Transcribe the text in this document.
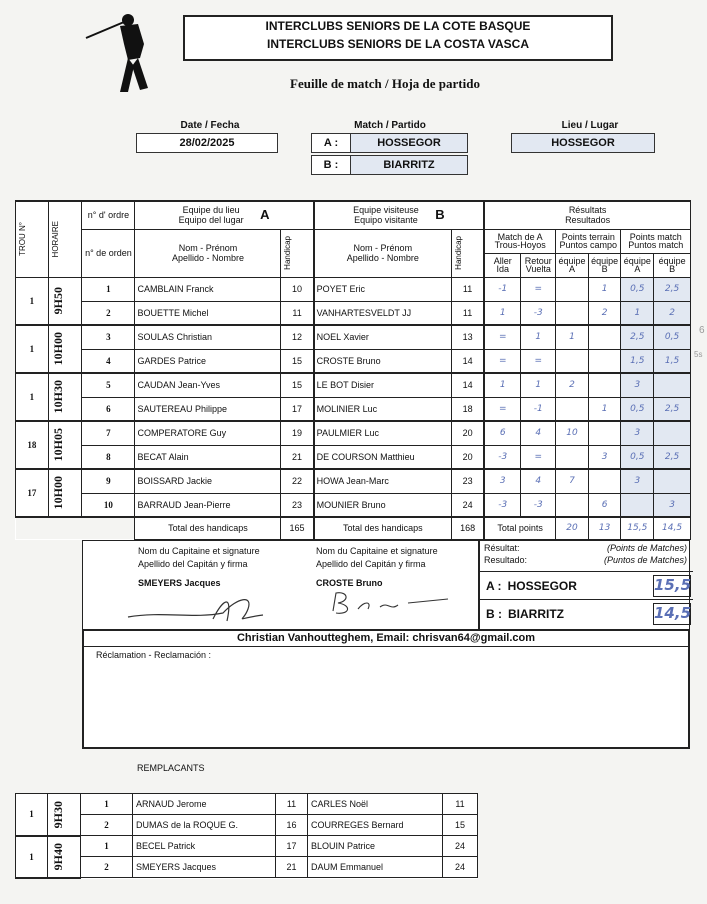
INTERCLUBS SENIORS DE LA COTE BASQUE
INTERCLUBS SENIORS DE LA COSTA VASCA
Feuille de match / Hoja de partido
Date / Fecha
28/02/2025
Match / Partido
A :	HOSSEGOR
B :	BIARRITZ
Lieu / Lugar
HOSSEGOR
TROU N°	HORAIRE	n° d' ordre	Equipe du lieu
Equipo del lugar A		Equipe visiteuse
Equipo visitante B		Résultats
Resultados					
		n° de orden	Nom - Prénom
Apellido - Nombre	Handicap	Nom - Prénom
Apellido - Nombre	Handicap	Match de A
Trous-Hoyos		Points terrain
Puntos campo		Points match
Puntos match	
							Aller
Ida	Retour
Vuelta	équipe
A	équipe
B	équipe
A	équipe
B
1	9H50	1	CAMBLAIN Franck	10	POYET Eric	11	-1	=		1	0,5	2,5
		2	BOUETTE Michel	11	VANHARTESVELDT JJ	11	1	-3		2	1	2
1	10H00	3	SOULAS Christian	12	NOEL Xavier	13	=	1	1		2,5	0,5
		4	GARDES Patrice	15	CROSTE Bruno	14	=	=			1,5	1,5
1	10H30	5	CAUDAN Jean-Yves	15	LE BOT Disier	14	1	1	2		3	
		6	SAUTEREAU Philippe	17	MOLINIER Luc	18	=	-1		1	0,5	2,5
18	10H05	7	COMPERATORE Guy	19	PAULMIER Luc	20	6	4	10		3	
		8	BECAT Alain	21	DE COURSON Matthieu	20	-3	=		3	0,5	2,5
17	10H00	9	BOISSARD Jackie	22	HOWA Jean-Marc	23	3	4	7		3	
		10	BARRAUD Jean-Pierre	23	MOUNIER Bruno	24	-3	-3		6		3
			Total des handicaps	165	Total des handicaps	168	Total points		20	13	15,5	14,5
Nom du Capitaine et signature
Apellido del Capitán y firma
SMEYERS Jacques
Nom du Capitaine et signature
Apellido del Capitán y firma
CROSTE Bruno
Résultat:	(Points de Matches)
Resultado:	(Puntos de Matches)
A : HOSSEGOR	15,5
B : BIARRITZ	14,5
Christian Vanhoutteghem, Email: chrisvan64@gmail.com
Réclamation - Reclamación :
REMPLACANTS
1	9H30	1	ARNAUD Jerome	11	CARLES Noël	11
		2	DUMAS de la ROQUE G.	16	COURREGES Bernard	15
1	9H40	1	BECEL Patrick	17	BLOUIN Patrice	24
		2	SMEYERS Jacques	21	DAUM Emmanuel	24
6
5s
